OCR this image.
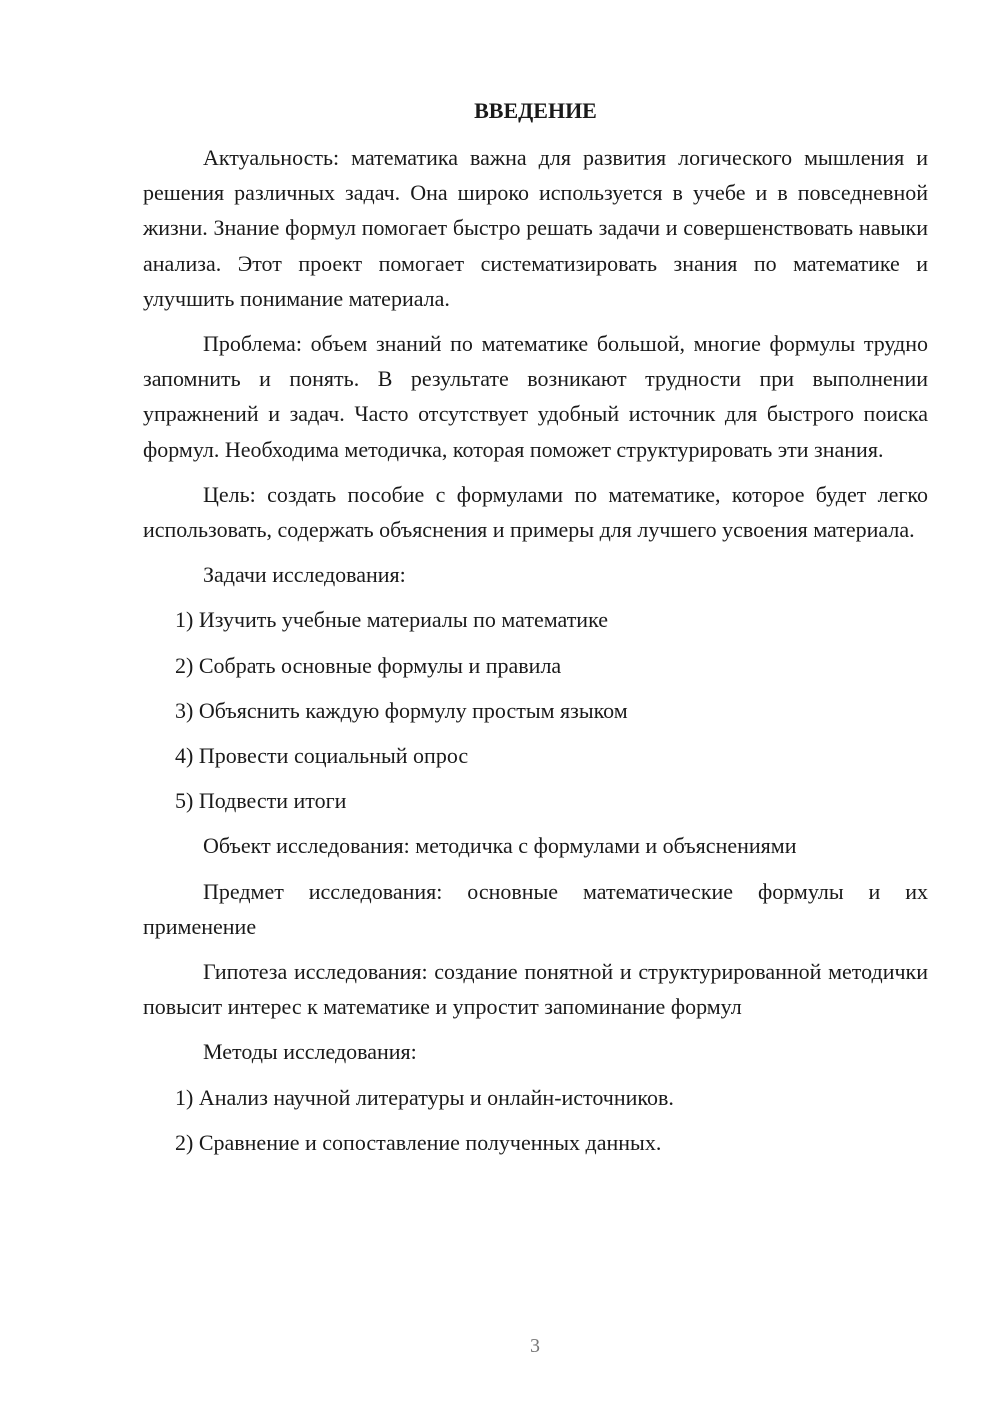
ВВЕДЕНИЕ

Актуальность: математика важна для развития логического мышления и решения различных задач. Она широко используется в учебе и в повседневной жизни. Знание формул помогает быстро решать задачи и совершенствовать навыки анализа. Этот проект помогает систематизировать знания по математике и улучшить понимание материала.

Проблема: объем знаний по математике большой, многие формулы трудно запомнить и понять. В результате возникают трудности при выполнении упражнений и задач. Часто отсутствует удобный источник для быстрого поиска формул. Необходима методичка, которая поможет структурировать эти знания.

Цель: создать пособие с формулами по математике, которое будет легко использовать, содержать объяснения и примеры для лучшего усвоения материала.

Задачи исследования:

1) Изучить учебные материалы по математике
2) Собрать основные формулы и правила
3) Объяснить каждую формулу простым языком
4) Провести социальный опрос
5) Подвести итоги

Объект исследования: методичка с формулами и объяснениями

Предмет исследования: основные математические формулы и их применение

Гипотеза исследования: создание понятной и структурированной методички повысит интерес к математике и упростит запоминание формул

Методы исследования:

1) Анализ научной литературы и онлайн-источников.
2) Сравнение и сопоставление полученных данных.
3
